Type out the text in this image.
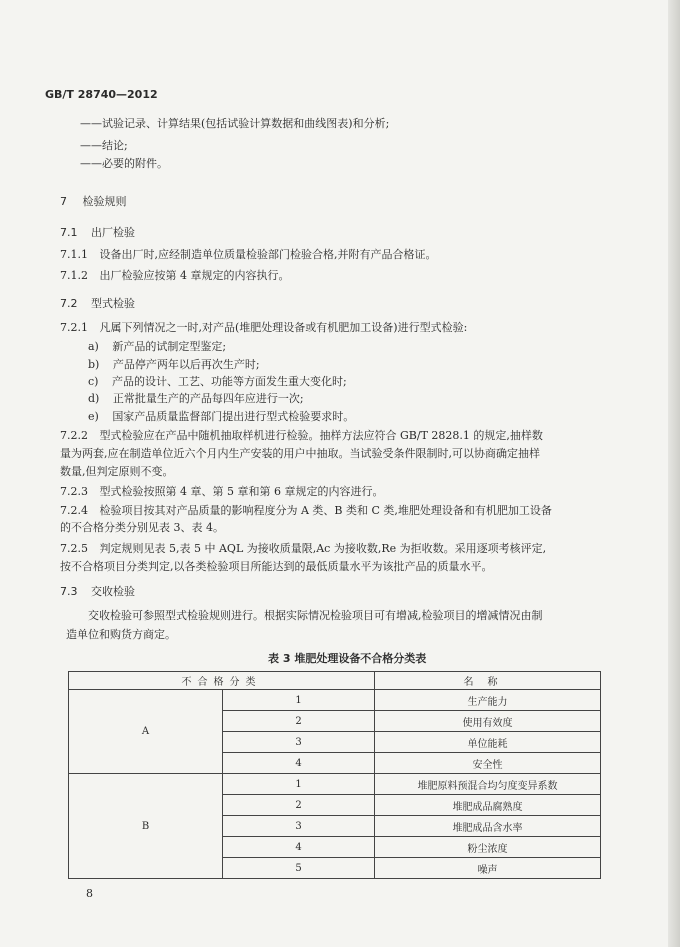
GB/T 28740—2012
——试验记录、计算结果(包括试验计算数据和曲线图表)和分析;
——结论;
——必要的附件。
7 检验规则
7.1 出厂检验
7.1.1 设备出厂时,应经制造单位质量检验部门检验合格,并附有产品合格证。
7.1.2 出厂检验应按第 4 章规定的内容执行。
7.2 型式检验
7.2.1 凡属下列情况之一时,对产品(堆肥处理设备或有机肥加工设备)进行型式检验:
a) 新产品的试制定型鉴定;
b) 产品停产两年以后再次生产时;
c) 产品的设计、工艺、功能等方面发生重大变化时;
d) 正常批量生产的产品每四年应进行一次;
e) 国家产品质量监督部门提出进行型式检验要求时。
7.2.2 型式检验应在产品中随机抽取样机进行检验。抽样方法应符合 GB/T 2828.1 的规定,抽样数
量为两套,应在制造单位近六个月内生产安装的用户中抽取。当试验受条件限制时,可以协商确定抽样
数量,但判定原则不变。
7.2.3 型式检验按照第 4 章、第 5 章和第 6 章规定的内容进行。
7.2.4 检验项目按其对产品质量的影响程度分为 A 类、B 类和 C 类,堆肥处理设备和有机肥加工设备
的不合格分类分别见表 3、表 4。
7.2.5 判定规则见表 5,表 5 中 AQL 为接收质量限,Ac 为接收数,Re 为拒收数。采用逐项考核评定,
按不合格项目分类判定,以各类检验项目所能达到的最低质量水平为该批产品的质量水平。
7.3 交收检验
交收检验可参照型式检验规则进行。根据实际情况检验项目可有增减,检验项目的增减情况由制
造单位和购货方商定。
表 3 堆肥处理设备不合格分类表
不合格分类		名称
A	1	生产能力
	2	使用有效度
	3	单位能耗
	4	安全性
B	1	堆肥原料预混合均匀度变异系数
	2	堆肥成品腐熟度
	3	堆肥成品含水率
	4	粉尘浓度
	5	噪声
8
